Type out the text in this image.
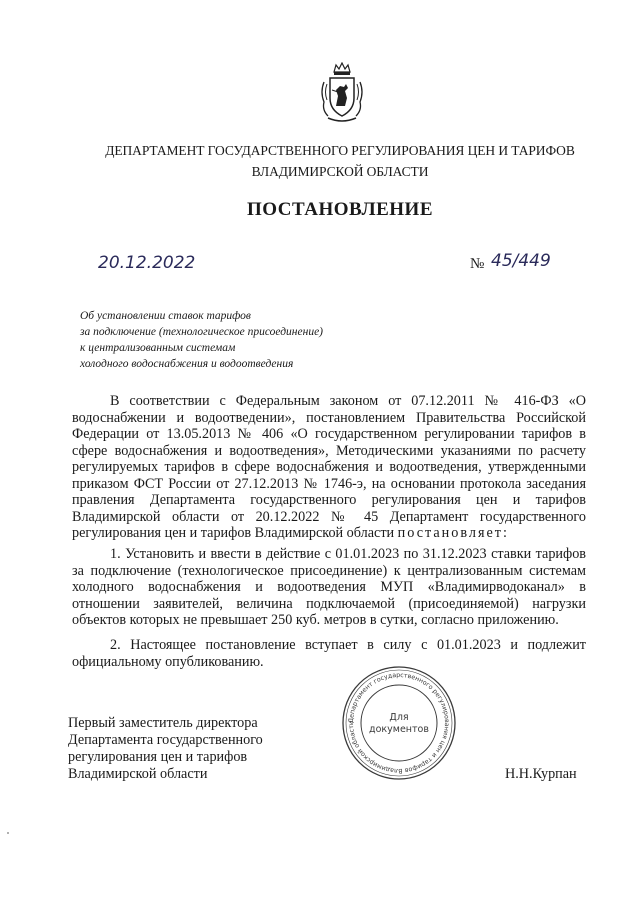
ДЕПАРТАМЕНТ ГОСУДАРСТВЕННОГО РЕГУЛИРОВАНИЯ ЦЕН И ТАРИФОВ
ВЛАДИМИРСКОЙ ОБЛАСТИ
ПОСТАНОВЛЕНИЕ
20.12.2022	№ 45/449
Об установлении ставок тарифов
за подключение (технологическое присоединение)
к централизованным системам
холодного водоснабжения и водоотведения

В соответствии с Федеральным законом от 07.12.2011 № 416-ФЗ «О водоснабжении и водоотведении», постановлением Правительства Российской Федерации от 13.05.2013 № 406 «О государственном регулировании тарифов в сфере водоснабжения и водоотведения», Методическими указаниями по расчету регулируемых тарифов в сфере водоснабжения и водоотведения, утвержденными приказом ФСТ России от 27.12.2013 № 1746-э, на основании протокола заседания правления Департамента государственного регулирования цен и тарифов Владимирской области от 20.12.2022 № 45 Департамент государственного регулирования цен и тарифов Владимирской области постановляет:

1. Установить и ввести в действие с 01.01.2023 по 31.12.2023 ставки тарифов за подключение (технологическое присоединение) к централизованным системам холодного водоснабжения и водоотведения МУП «Владимирводоканал» в отношении заявителей, величина подключаемой (присоединяемой) нагрузки объектов которых не превышает 250 куб. метров в сутки, согласно приложению.

2. Настоящее постановление вступает в силу с 01.01.2023 и подлежит официальному опубликованию.

Департамент государственного регулирования цен и тарифов Владимирской области
Для
документов
Первый заместитель директора
Департамента государственного
регулирования цен и тарифов
Владимирской области	Н.Н.Курпан
